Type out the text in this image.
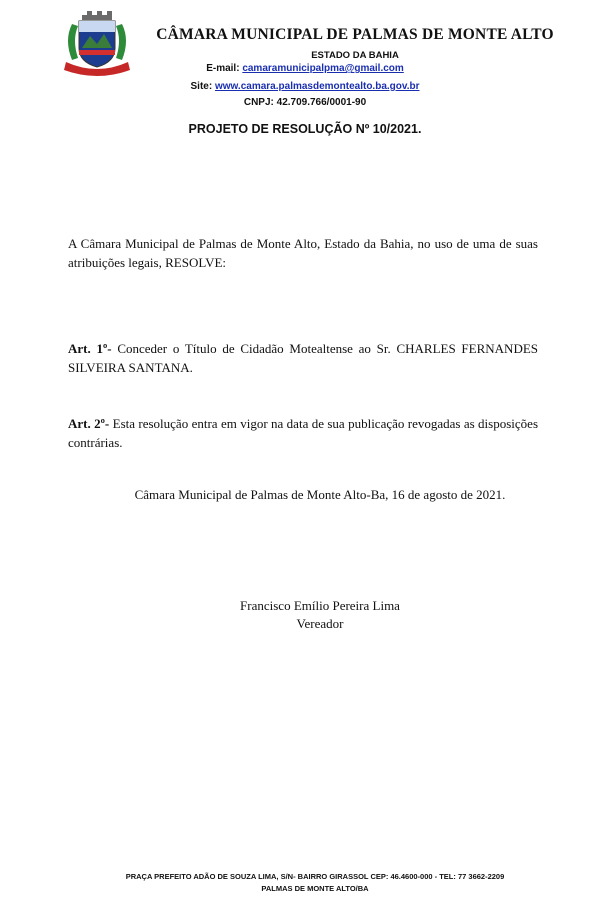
CÂMARA MUNICIPAL DE PALMAS DE MONTE ALTO
ESTADO DA BAHIA
E-mail: camaramunicipalpma@gmail.com
Site: www.camara.palmasdemontealto.ba.gov.br
CNPJ: 42.709.766/0001-90
PROJETO DE RESOLUÇÃO Nº 10/2021.
A Câmara Municipal de Palmas de Monte Alto, Estado da Bahia, no uso de uma de suas atribuições legais, RESOLVE:
Art. 1º- Conceder o Título de Cidadão Motealtense ao Sr. CHARLES FERNANDES SILVEIRA SANTANA.
Art. 2º- Esta resolução entra em vigor na data de sua publicação revogadas as disposições contrárias.
Câmara Municipal de Palmas de Monte Alto-Ba, 16 de agosto de 2021.
Francisco Emílio Pereira Lima
Vereador
PRAÇA PREFEITO ADÃO DE SOUZA LIMA, S/N- BAIRRO GIRASSOL CEP: 46.4600-000 - TEL: 77 3662-2209
PALMAS DE MONTE ALTO/BA
